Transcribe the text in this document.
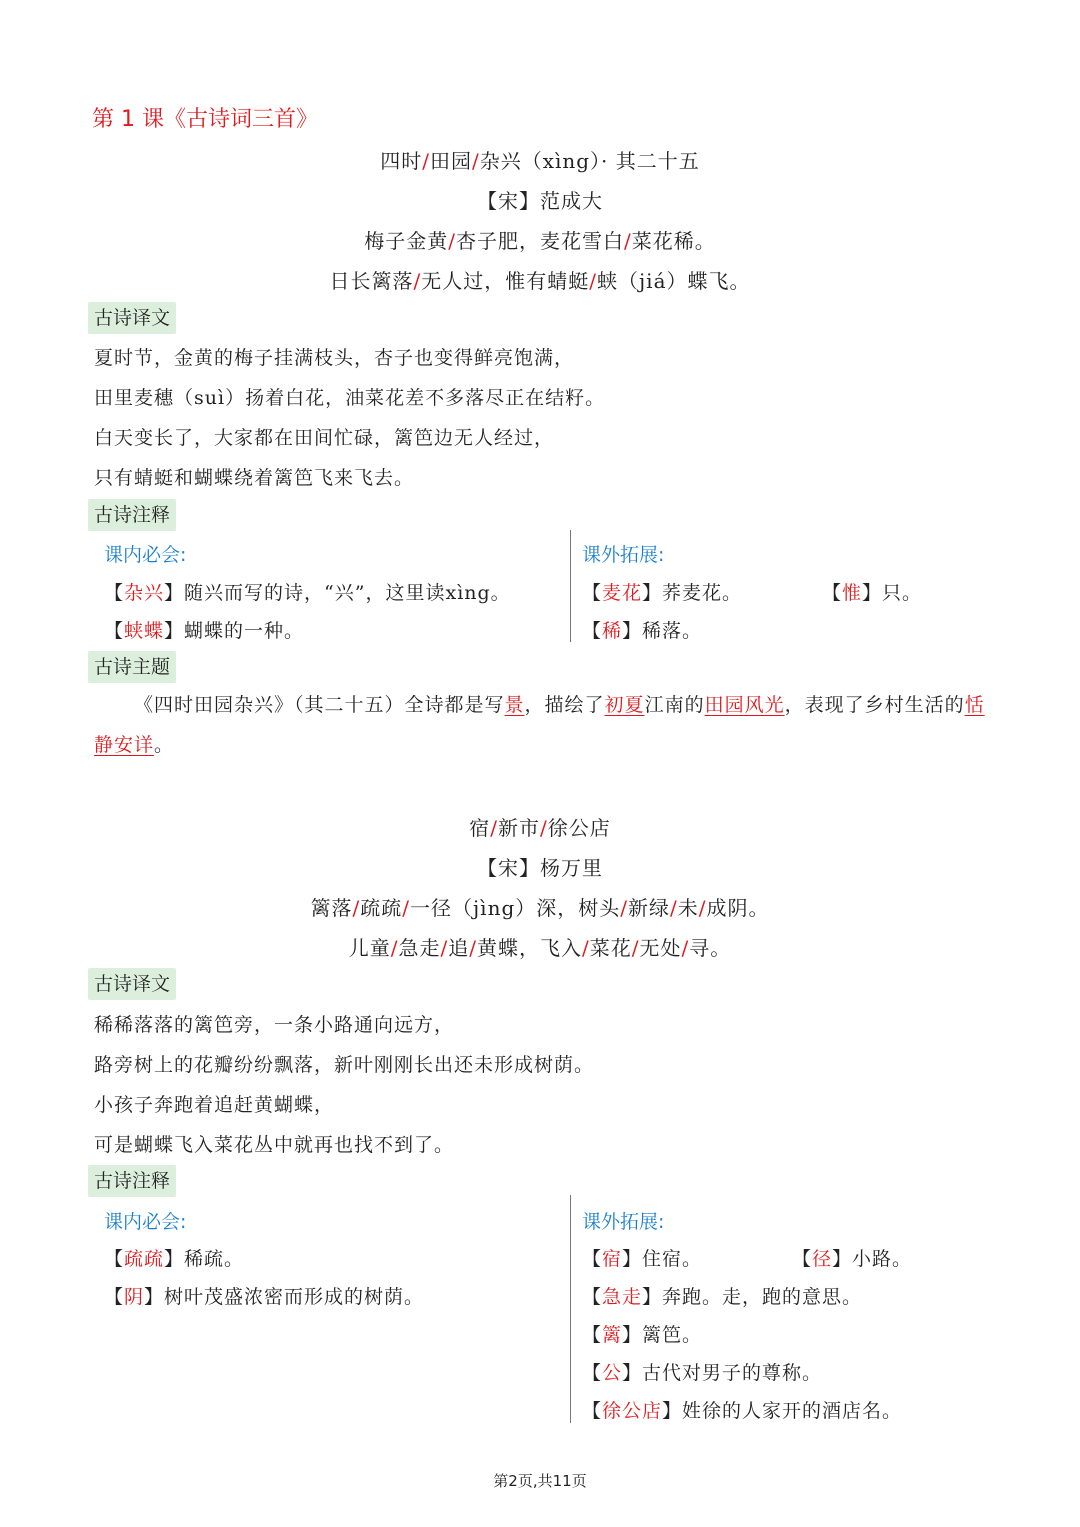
第 1 课《古诗词三首》
四时/田园/杂兴（xìng）· 其二十五
【宋】范成大
梅子金黄/杏子肥，麦花雪白/菜花稀。
日长篱落/无人过，惟有蜻蜓/蛱（jiá）蝶飞。
古诗译文
夏时节，金黄的梅子挂满枝头，杏子也变得鲜亮饱满，
田里麦穗（suì）扬着白花，油菜花差不多落尽正在结籽。
白天变长了，大家都在田间忙碌，篱笆边无人经过，
只有蜻蜓和蝴蝶绕着篱笆飞来飞去。
古诗注释
课内必会:	课外拓展:
【杂兴】随兴而写的诗，“兴”，这里读xìng。
【蛱蝶】蝴蝶的一种。
【麦花】荞麦花。	【惟】只。
【稀】稀落。
古诗主题
《四时田园杂兴》（其二十五）全诗都是写景，描绘了初夏江南的田园风光，表现了乡村生活的恬静安详。
宿/新市/徐公店
【宋】杨万里
篱落/疏疏/一径（jìng）深，树头/新绿/未/成阴。
儿童/急走/追/黄蝶，飞入/菜花/无处/寻。
古诗译文
稀稀落落的篱笆旁，一条小路通向远方，
路旁树上的花瓣纷纷飘落，新叶刚刚长出还未形成树荫。
小孩子奔跑着追赶黄蝴蝶，
可是蝴蝶飞入菜花丛中就再也找不到了。
古诗注释
课内必会:	课外拓展:
【疏疏】稀疏。
【阴】树叶茂盛浓密而形成的树荫。
【宿】住宿。	【径】小路。
【急走】奔跑。走，跑的意思。
【篱】篱笆。
【公】古代对男子的尊称。
【徐公店】姓徐的人家开的酒店名。
第2页,共11页
